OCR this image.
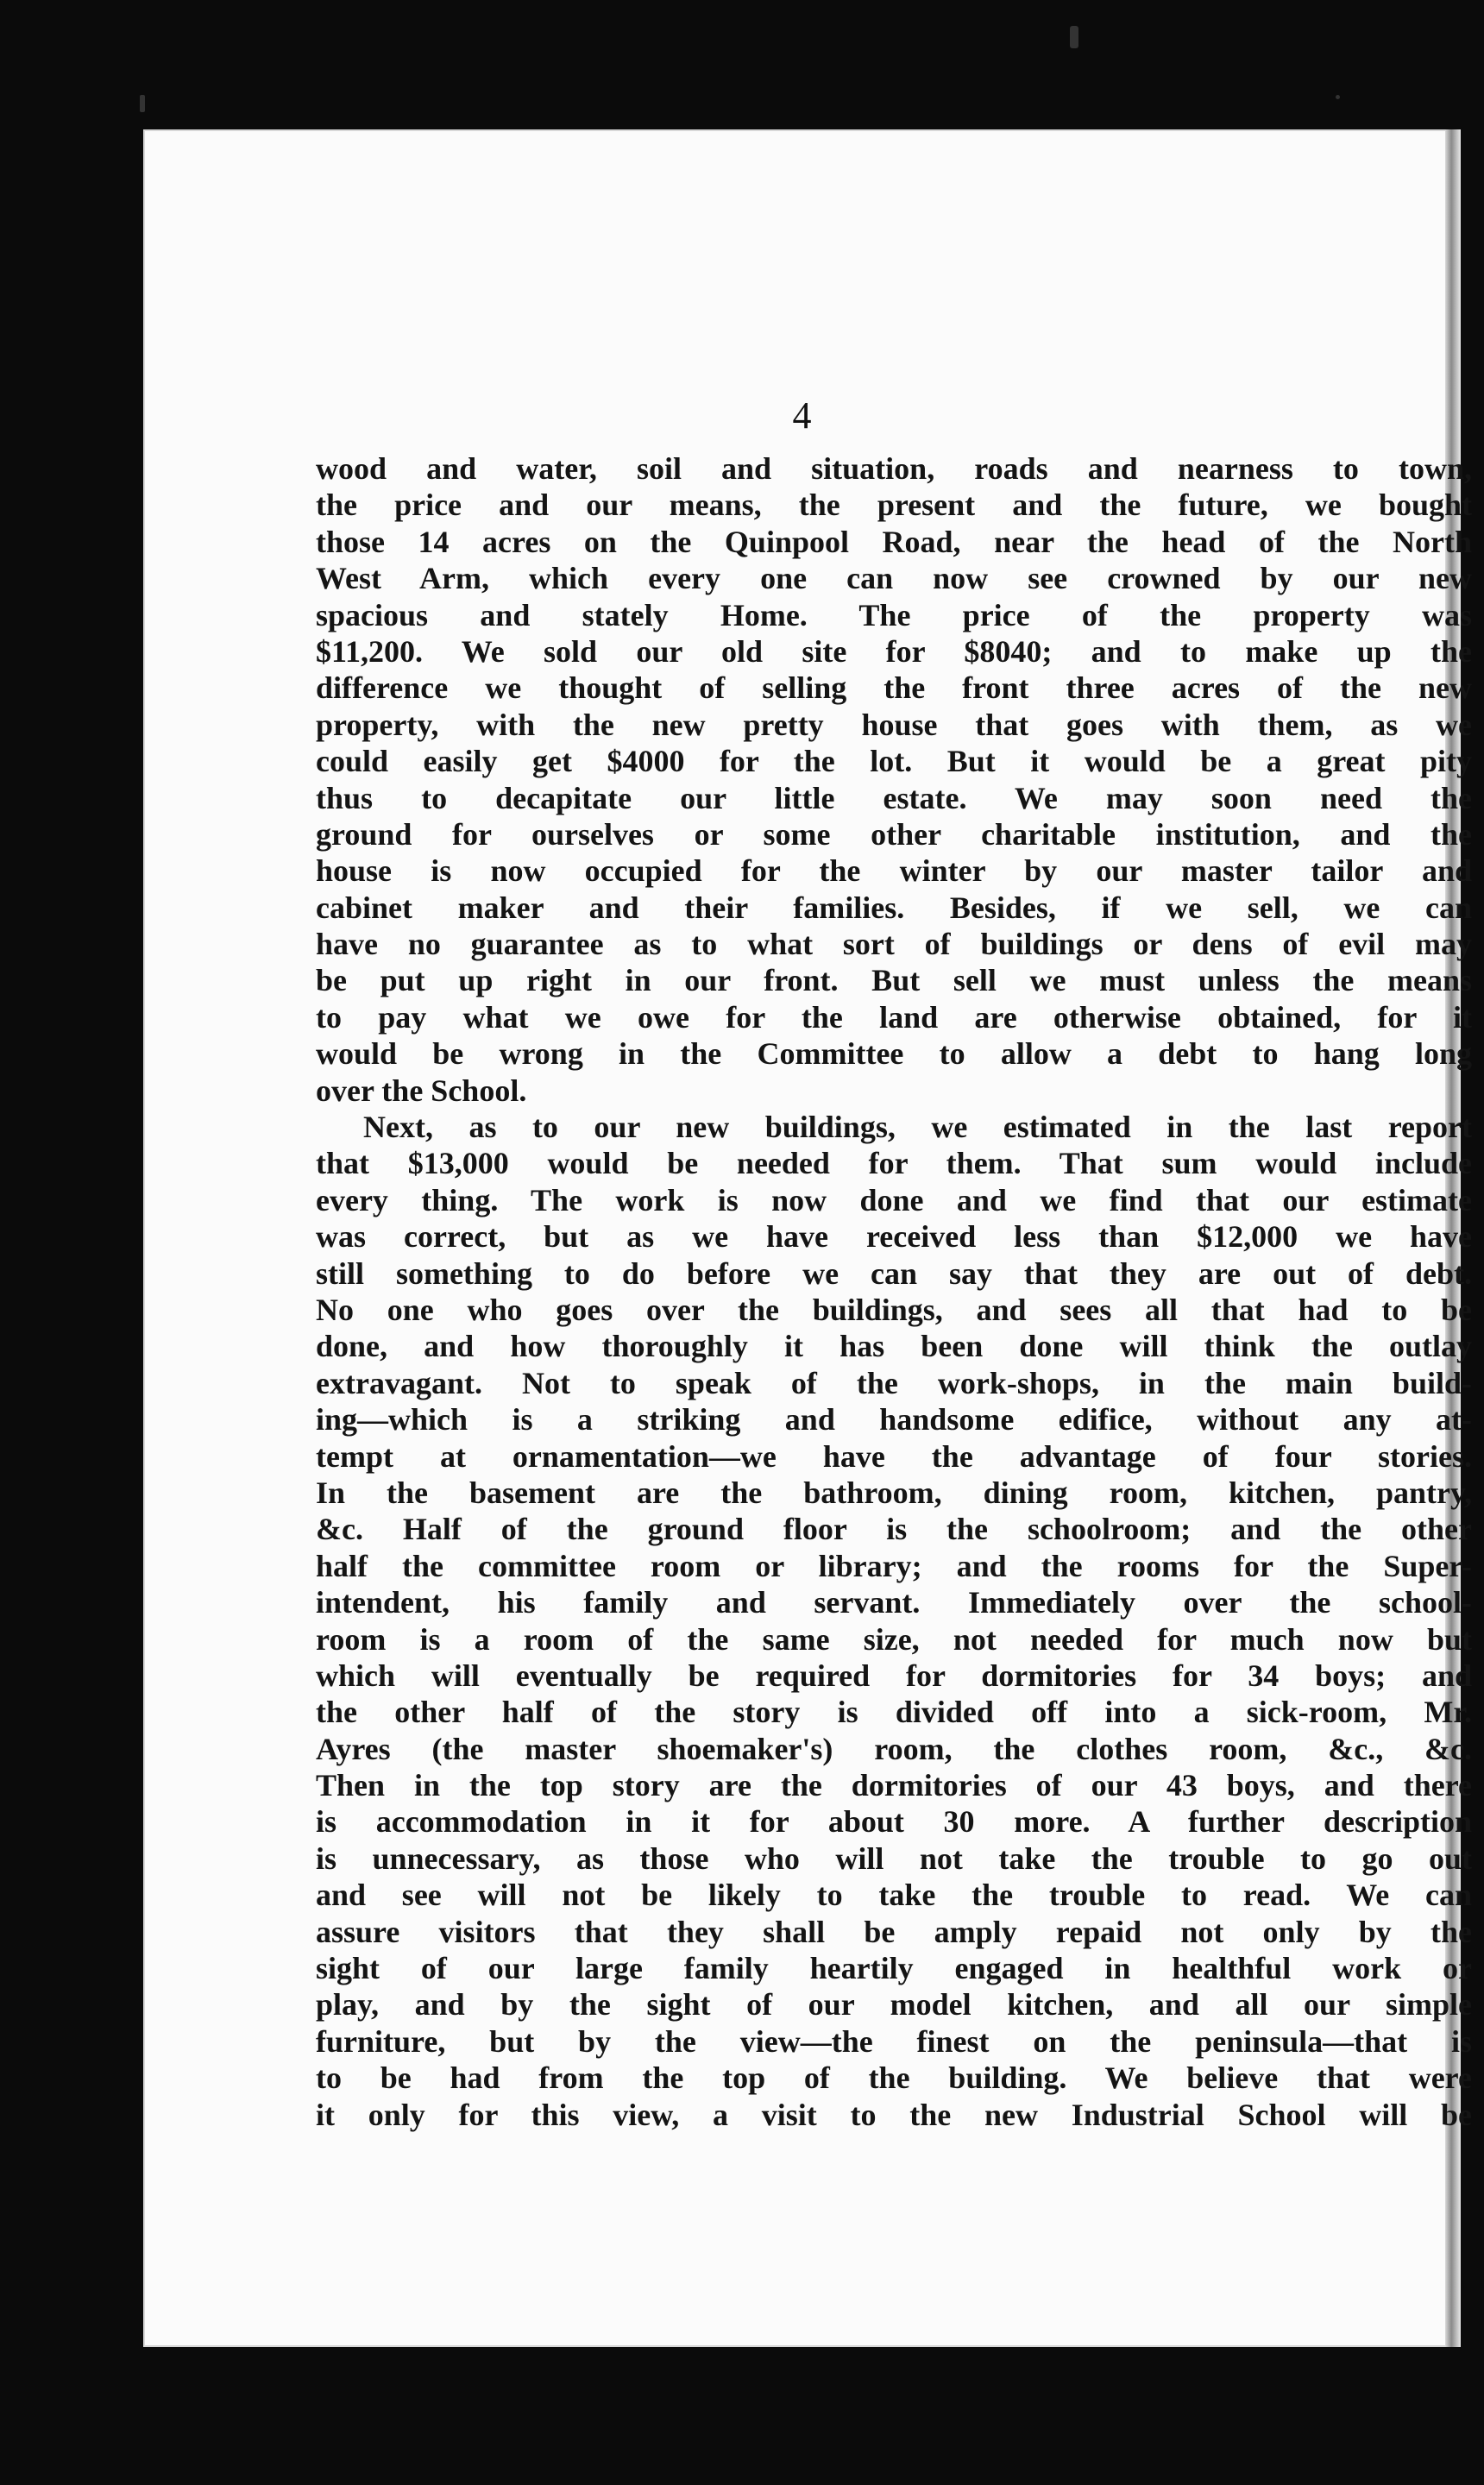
4
wood and water, soil and situation, roads and nearness to town,
the price and our means, the present and the future, we bought
those 14 acres on the Quinpool Road, near the head of the North
West Arm, which every one can now see crowned by our new
spacious and stately Home. The price of the property was
$11,200. We sold our old site for $8040; and to make up the
difference we thought of selling the front three acres of the new
property, with the new pretty house that goes with them, as we
could easily get $4000 for the lot. But it would be a great pity
thus to decapitate our little estate. We may soon need the
ground for ourselves or some other charitable institution, and the
house is now occupied for the winter by our master tailor and
cabinet maker and their families. Besides, if we sell, we can
have no guarantee as to what sort of buildings or dens of evil may
be put up right in our front. But sell we must unless the means
to pay what we owe for the land are otherwise obtained, for it
would be wrong in the Committee to allow a debt to hang long
over the School.
Next, as to our new buildings, we estimated in the last report
that $13,000 would be needed for them. That sum would include
every thing. The work is now done and we find that our estimate
was correct, but as we have received less than $12,000 we have
still something to do before we can say that they are out of debt.
No one who goes over the buildings, and sees all that had to be
done, and how thoroughly it has been done will think the outlay
extravagant. Not to speak of the work-shops, in the main build-
ing—which is a striking and handsome edifice, without any at-
tempt at ornamentation—we have the advantage of four stories.
In the basement are the bathroom, dining room, kitchen, pantry,
&c. Half of the ground floor is the schoolroom; and the other
half the committee room or library; and the rooms for the Super-
intendent, his family and servant. Immediately over the school-
room is a room of the same size, not needed for much now but
which will eventually be required for dormitories for 34 boys; and
the other half of the story is divided off into a sick-room, Mr.
Ayres (the master shoemaker's) room, the clothes room, &c., &c.
Then in the top story are the dormitories of our 43 boys, and there
is accommodation in it for about 30 more. A further description
is unnecessary, as those who will not take the trouble to go out
and see will not be likely to take the trouble to read. We can
assure visitors that they shall be amply repaid not only by the
sight of our large family heartily engaged in healthful work or
play, and by the sight of our model kitchen, and all our simple
furniture, but by the view—the finest on the peninsula—that is
to be had from the top of the building. We believe that were
it only for this view, a visit to the new Industrial School will be
